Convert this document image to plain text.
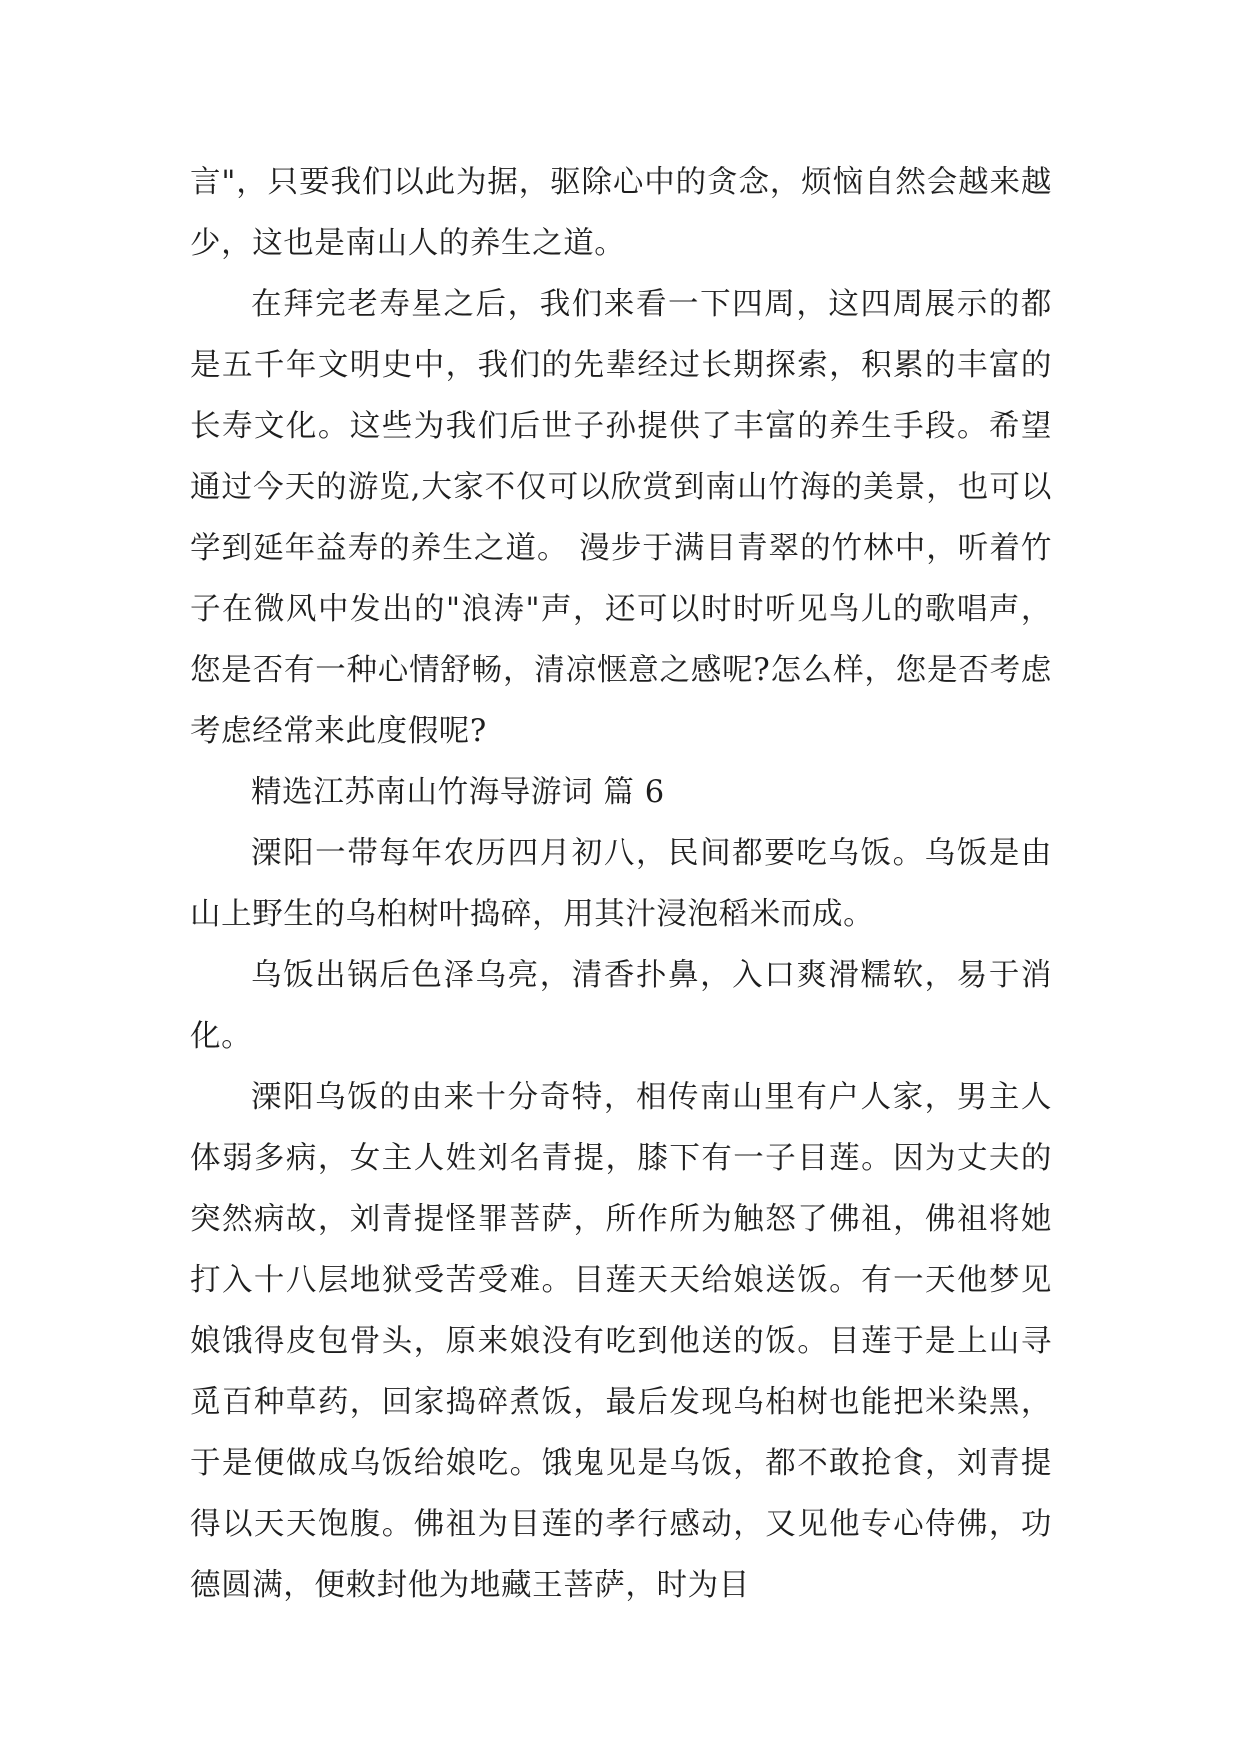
言"，只要我们以此为据，驱除心中的贪念，烦恼自然会越来越少，这也是南山人的养生之道。

在拜完老寿星之后，我们来看一下四周，这四周展示的都是五千年文明史中，我们的先辈经过长期探索，积累的丰富的长寿文化。这些为我们后世子孙提供了丰富的养生手段。希望通过今天的游览,大家不仅可以欣赏到南山竹海的美景，也可以学到延年益寿的养生之道。 漫步于满目青翠的竹林中，听着竹子在微风中发出的"浪涛"声，还可以时时听见鸟儿的歌唱声，您是否有一种心情舒畅，清凉惬意之感呢?怎么样，您是否考虑考虑经常来此度假呢?

精选江苏南山竹海导游词 篇 6

溧阳一带每年农历四月初八，民间都要吃乌饭。乌饭是由山上野生的乌桕树叶捣碎，用其汁浸泡稻米而成。

乌饭出锅后色泽乌亮，清香扑鼻，入口爽滑糯软，易于消化。

溧阳乌饭的由来十分奇特，相传南山里有户人家，男主人体弱多病，女主人姓刘名青提，膝下有一子目莲。因为丈夫的突然病故，刘青提怪罪菩萨，所作所为触怒了佛祖，佛祖将她打入十八层地狱受苦受难。目莲天天给娘送饭。有一天他梦见娘饿得皮包骨头，原来娘没有吃到他送的饭。目莲于是上山寻觅百种草药，回家捣碎煮饭，最后发现乌桕树也能把米染黑，于是便做成乌饭给娘吃。饿鬼见是乌饭，都不敢抢食，刘青提得以天天饱腹。佛祖为目莲的孝行感动，又见他专心侍佛，功德圆满，便敕封他为地藏王菩萨，时为目
